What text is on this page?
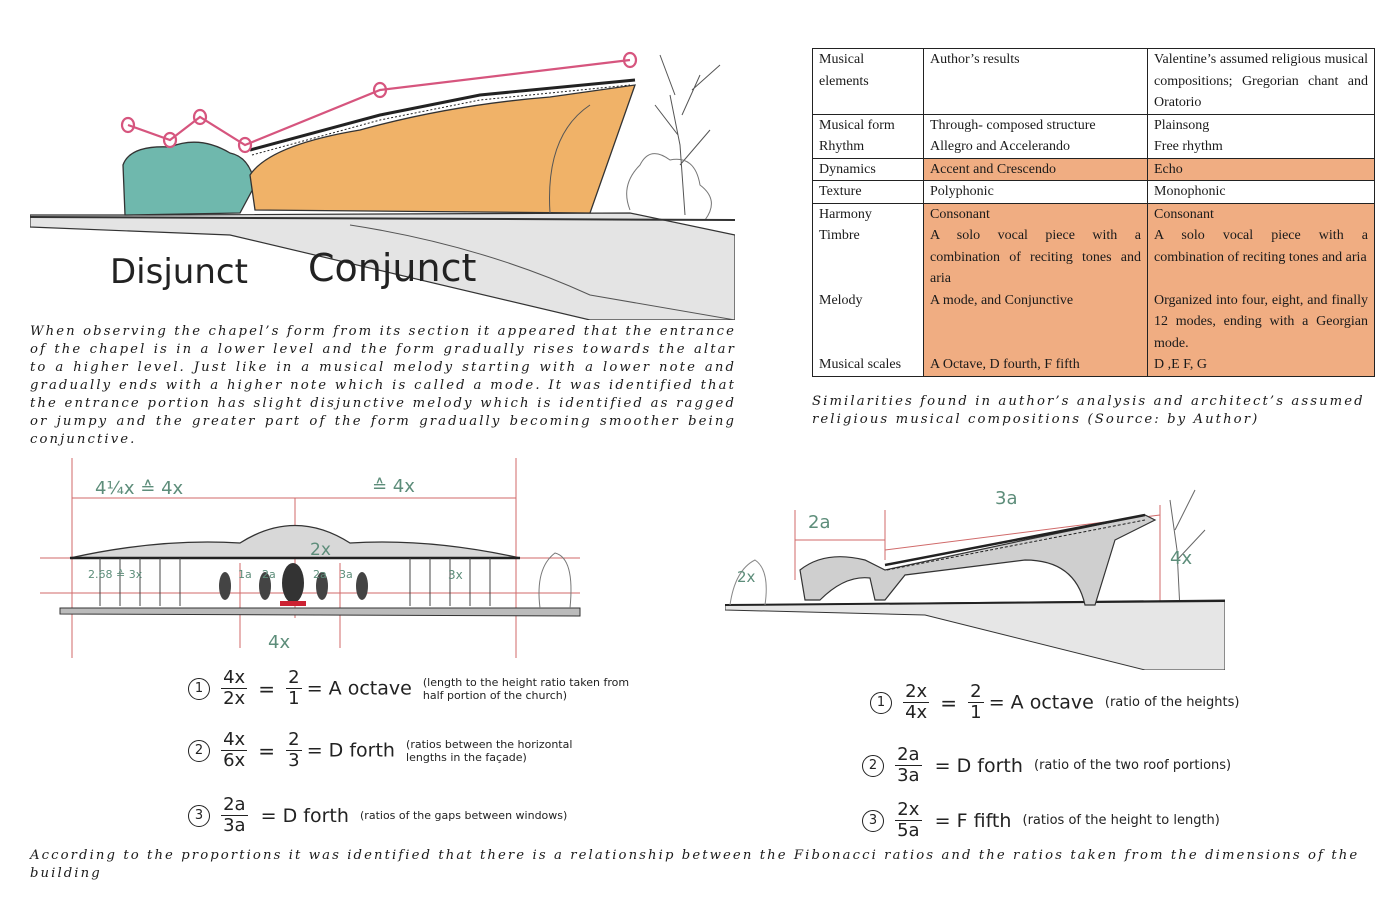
Disjunct Conjunct
When observing the chapel’s form from its section it appeared that the entrance of the chapel is in a lower level and the form gradually rises towards the altar to a higher level. Just like in a musical melody starting with a lower note and gradually ends with a higher note which is called a mode. It was identified that the entrance portion has slight disjunctive melody which is identified as ragged or jumpy and the greater part of the form gradually becoming smoother being conjunctive.
Musical elements	Author’s results	Valentine’s assumed religious musical compositions; Gregorian chant and Oratorio
Musical form	Through- composed structure	Plainsong
Rhythm	Allegro and Accelerando	Free rhythm
Dynamics	Accent and Crescendo	Echo
Texture	Polyphonic	Monophonic
Harmony	Consonant	Consonant
Timbre	A solo vocal piece with a combination of reciting tones and aria	A solo vocal piece with a combination of reciting tones and aria
Melody	A mode, and Conjunctive	Organized into four, eight, and finally 12 modes, ending with a Georgian mode.
Musical scales	A Octave, D fourth, F fifth	D ,E F, G
Similarities found in author’s analysis and architect’s assumed religious musical compositions (Source: by Author)
4¼x ≙ 4x	≙ 4x
2x
2.68 ≙ 3x	1a 2a	2a 3a	3x
4x
2a
3a
2x
4x
$1 \frac{4x}{2x} = \frac{2}{1} = A$ octave (length to the height ratio taken from half portion of the church)
$2 \frac{4x}{6x} = \frac{2}{3} = D$ forth (ratios between the horizontal lengths in the façade)
$3 \frac{2a}{3a} = D$ forth (ratios of the gaps between windows)
$1 \frac{2x}{4x} = \frac{2}{1} = A$ octave (ratio of the heights)
$2 \frac{2a}{3a} = D$ forth (ratio of the two roof portions)
$3 \frac{2x}{5a} = F$ fifth (ratios of the height to length)
According to the proportions it was identified that there is a relationship between the Fibonacci ratios and the ratios taken from the dimensions of the building
